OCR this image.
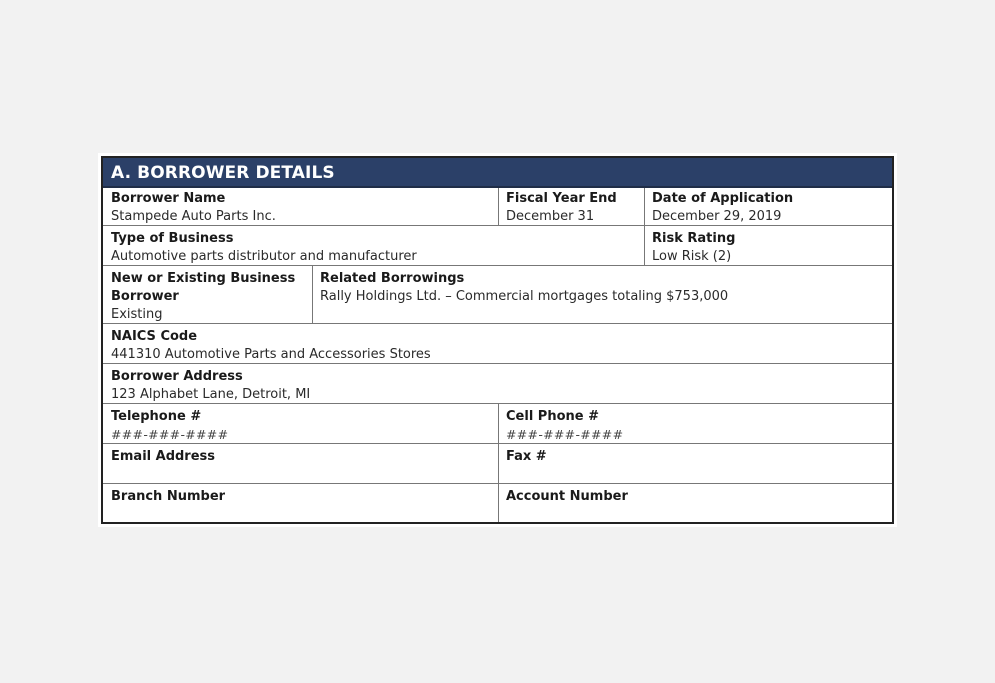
A. BORROWER DETAILS
Borrower Name
Stampede Auto Parts Inc.
Fiscal Year End
December 31
Date of Application
December 29, 2019
Type of Business
Automotive parts distributor and manufacturer
Risk Rating
Low Risk (2)
New or Existing Business Borrower
Existing
Related Borrowings
Rally Holdings Ltd. – Commercial mortgages totaling $753,000
NAICS Code
441310 Automotive Parts and Accessories Stores
Borrower Address
123 Alphabet Lane, Detroit, MI
Telephone #
###-###-####
Cell Phone #
###-###-####
Email Address	Fax #
Branch Number	Account Number
